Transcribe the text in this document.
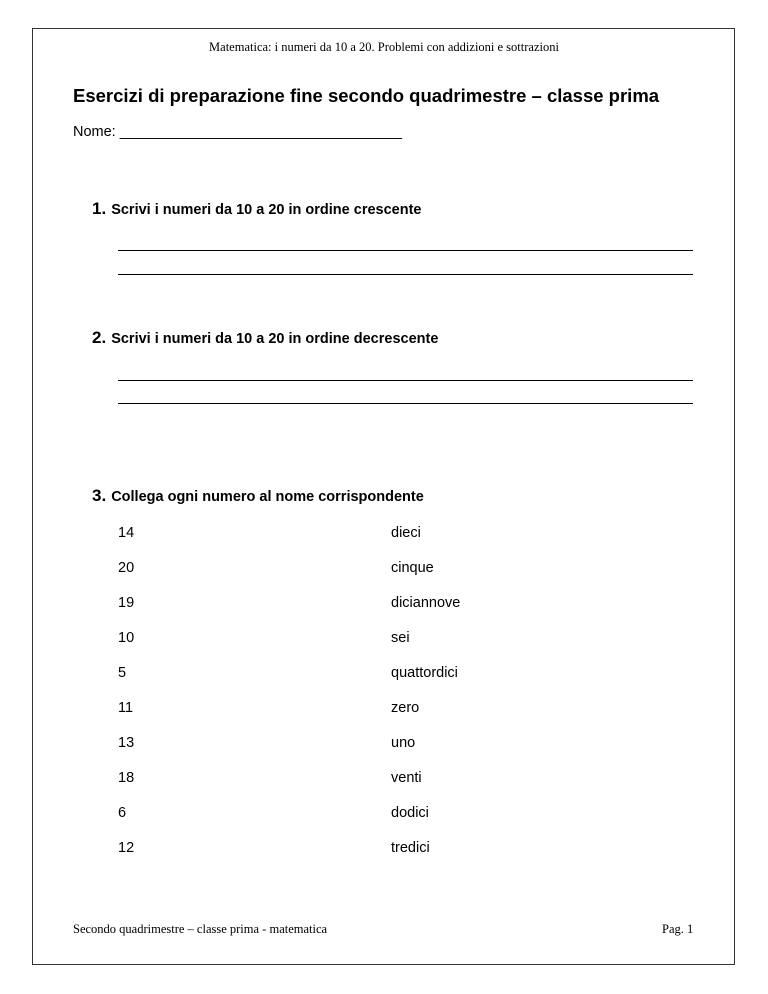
Matematica: i numeri da 10 a 20. Problemi con addizioni e sottrazioni
Esercizi di preparazione fine secondo quadrimestre – classe prima
Nome: ___________________________________
1. Scrivi i numeri da 10 a 20 in ordine crescente
2. Scrivi i numeri da 10 a 20 in ordine decrescente
3. Collega ogni numero al nome corrispondente
14	dieci
20	cinque
19	diciannove
10	sei
5	quattordici
11	zero
13	uno
18	venti
6	dodici
12	tredici
Secondo quadrimestre – classe prima - matematica	Pag. 1
